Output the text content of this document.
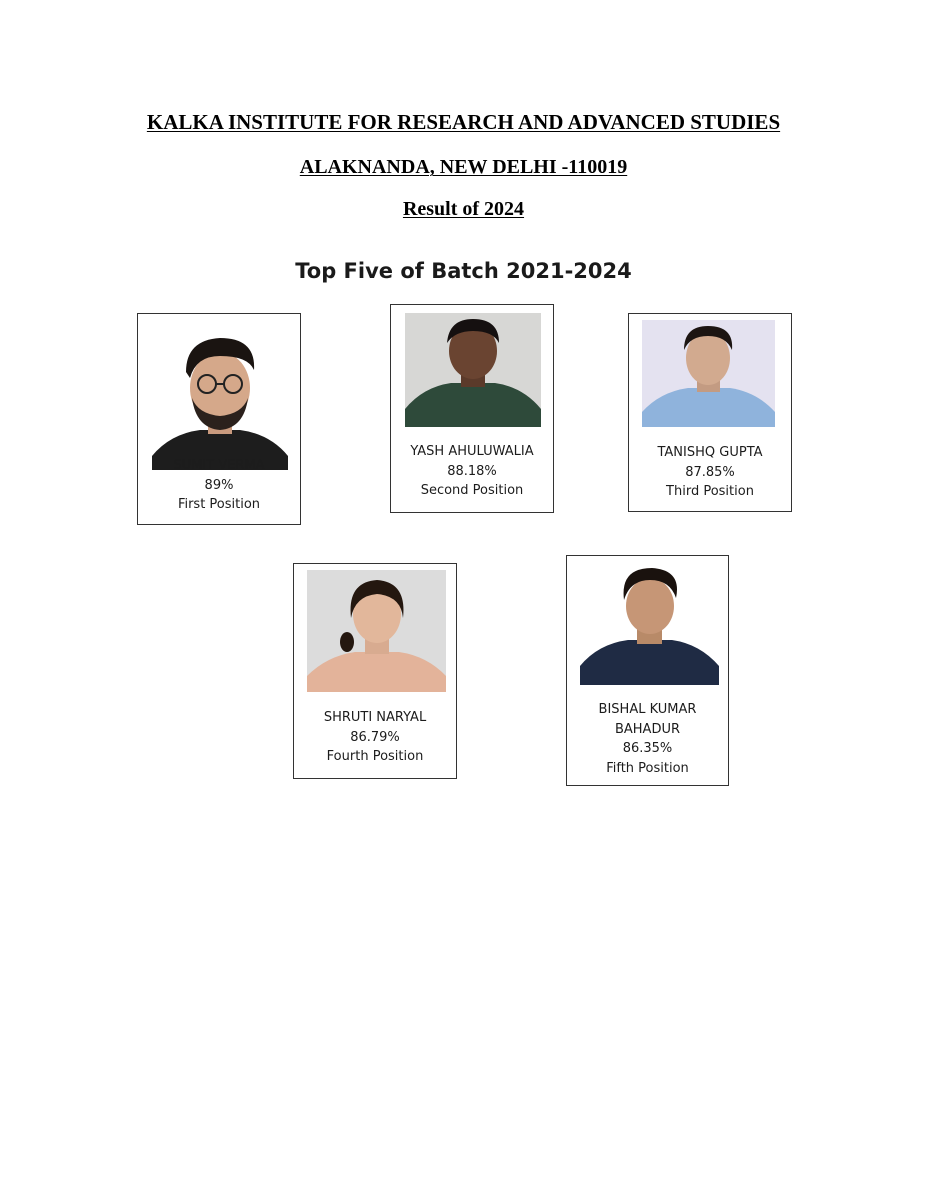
KALKA INSTITUTE FOR RESEARCH AND ADVANCED STUDIES
ALAKNANDA, NEW DELHI -110019
Result of 2024
Top Five of Batch 2021-2024
SUMIT VERMA
89%
First Position
YASH AHULUWALIA
88.18%
Second Position
TANISHQ GUPTA
87.85%
Third Position
SHRUTI NARYAL
86.79%
Fourth Position
BISHAL KUMAR
BAHADUR
86.35%
Fifth Position
